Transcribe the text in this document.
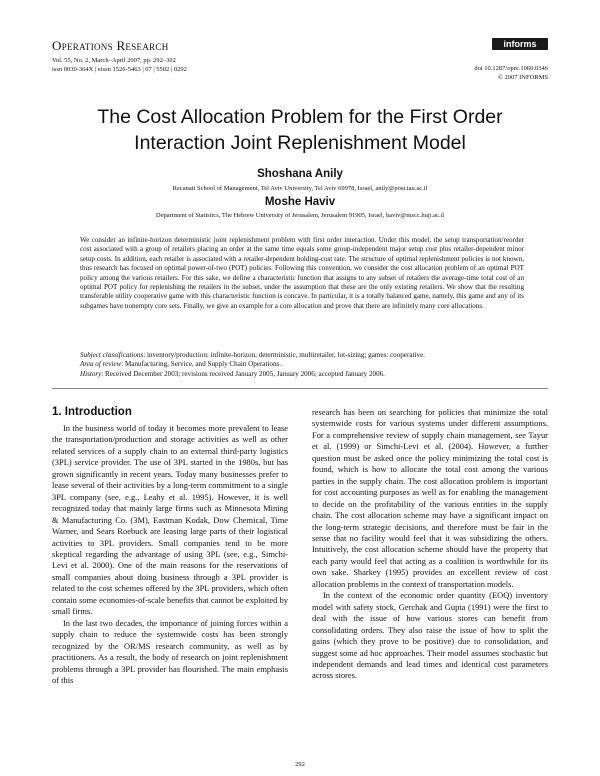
Operations Research
Vol. 55, No. 2, March–April 2007, pp. 292–302
issn 0030-364X | eissn 1526-5463 | 07 | 5502 | 0292
informs
doi 10.1287/opre.1060.0346
© 2007 INFORMS
The Cost Allocation Problem for the First Order
Interaction Joint Replenishment Model
Shoshana Anily
Recanati School of Management, Tel Aviv University, Tel Aviv 69978, Israel, anily@post.tau.ac.il
Moshe Haviv
Department of Statistics, The Hebrew University of Jerusalem, Jerusalem 91905, Israel, haviv@mscc.huji.ac.il

We consider an infinite-horizon deterministic joint replenishment problem with first order interaction. Under this model, the setup transportation/reorder cost associated with a group of retailers placing an order at the same time equals some group-independent major setup cost plus retailer-dependent minor setup costs. In addition, each retailer is associated with a retailer-dependent holding-cost rate. The structure of optimal replenishment policies is not known, thus research has focused on optimal power-of-two (POT) policies. Following this convention, we consider the cost allocation problem of an optimal POT policy among the various retailers. For this sake, we define a characteristic function that assigns to any subset of retailers the average-time total cost of an optimal POT policy for replenishing the retailers in the subset, under the assumption that these are the only existing retailers. We show that the resulting transferable utility cooperative game with this characteristic function is concave. In particular, it is a totally balanced game, namely, this game and any of its subgames have nonempty core sets. Finally, we give an example for a core allocation and prove that there are infinitely many core allocations.

Subject classifications: inventory/production: infinite-horizon, deterministic, multiretailer, lot-sizing; games: cooperative.
Area of review: Manufacturing, Service, and Supply Chain Operations.
History: Received December 2003; revisions received January 2005, January 2006; accepted January 2006.
1. Introduction

In the business world of today it becomes more prevalent to lease the transportation/production and storage activities as well as other related services of a supply chain to an external third-party logistics (3PL) service provider. The use of 3PL started in the 1980s, but has grown significantly in recent years. Today many businesses prefer to lease several of their activities by a long-term commitment to a single 3PL company (see, e.g., Leahy et al. 1995). However, it is well recognized today that mainly large firms such as Minnesota Mining & Manufacturing Co. (3M), Eastman Kodak, Dow Chemical, Time Warner, and Sears Roebuck are leasing large parts of their logistical activities to 3PL providers. Small companies tend to be more skeptical regarding the advantage of using 3PL (see, e.g., Simchi-Levi et al. 2000). One of the main reasons for the reservations of small companies about doing business through a 3PL provider is related to the cost schemes offered by the 3PL providers, which often contain some economies-of-scale benefits that cannot be exploited by small firms.

In the last two decades, the importance of joining forces within a supply chain to reduce the systemwide costs has been strongly recognized by the OR/MS research community, as well as by practitioners. As a result, the body of research on joint replenishment problems through a 3PL provider has flourished. The main emphasis of this

research has been on searching for policies that minimize the total systemwide costs for various systems under different assumptions. For a comprehensive review of supply chain management, see Tayur et al. (1999) or Simchi-Levi et al. (2004). However, a further question must be asked once the policy minimizing the total cost is found, which is how to allocate the total cost among the various parties in the supply chain. The cost allocation problem is important for cost accounting purposes as well as for enabling the management to decide on the profitability of the various entities in the supply chain. The cost allocation scheme may have a significant impact on the long-term strategic decisions, and therefore must be fair in the sense that no facility would feel that it was subsidizing the others. Intuitively, the cost allocation scheme should have the property that each party would feel that acting as a coalition is worthwhile for its own sake. Sharkey (1995) provides an excellent review of cost allocation problems in the context of transportation models.

In the context of the economic order quantity (EOQ) inventory model with safety stock, Gerchak and Gupta (1991) were the first to deal with the issue of how various stores can benefit from consolidating orders. They also raise the issue of how to split the gains (which they prove to be positive) due to consolidation, and suggest some ad hoc approaches. Their model assumes stochastic but independent demands and lead times and identical cost parameters across stores.

292
